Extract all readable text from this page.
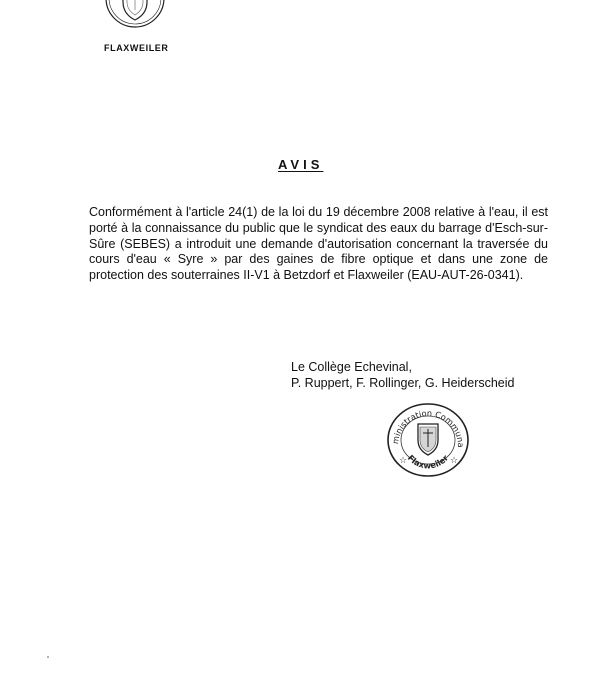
FLAXWEILER
AVIS

Conformément à l'article 24(1) de la loi du 19 décembre 2008 relative à l'eau, il est porté à la connaissance du public que le syndicat des eaux du barrage d'Esch-sur-Sûre (SEBES) a introduit une demande d'autorisation concernant la traversée du cours d'eau « Syre » par des gaines de fibre optique et dans une zone de protection des souterraines II-V1 à Betzdorf et Flaxweiler (EAU-AUT-26-0341).

Le Collège Echevinal,
P. Ruppert, F. Rollinger, G. Heiderscheid
ministration Communa
Flaxweiler
☆	☆
